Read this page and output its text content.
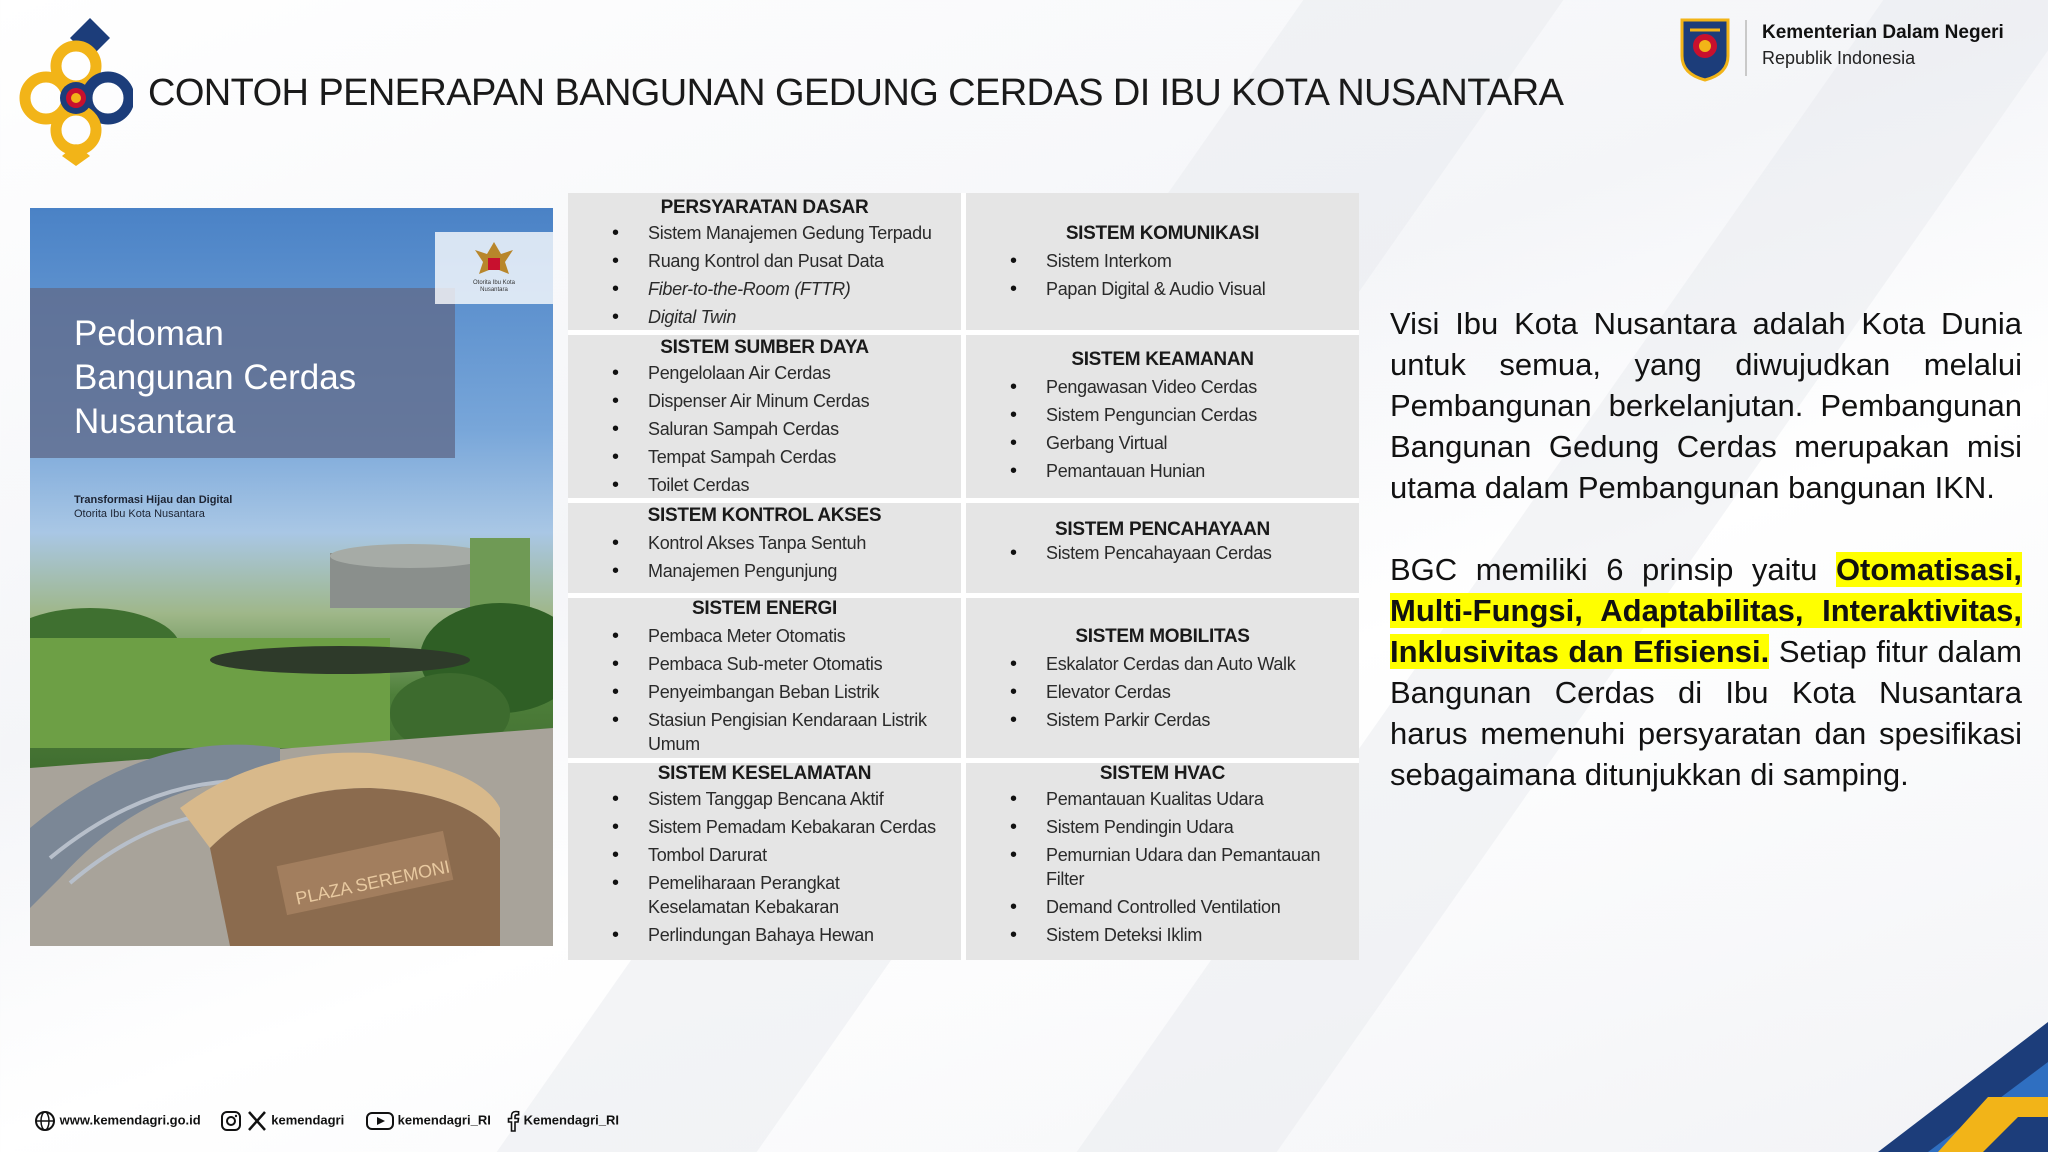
CONTOH PENERAPAN BANGUNAN GEDUNG CERDAS DI IBU KOTA NUSANTARA
Kementerian Dalam Negeri
Republik Indonesia
PLAZA SEREMONI
Pedoman
Bangunan Cerdas
Nusantara
Transformasi Hijau dan Digital
Otorita Ibu Kota Nusantara
Otorita Ibu Kota
Nusantara
PERSYARATAN DASAR
• Sistem Manajemen Gedung Terpadu
• Ruang Kontrol dan Pusat Data
• Fiber-to-the-Room (FTTR)
• Digital Twin
SISTEM KOMUNIKASI
• Sistem Interkom
• Papan Digital & Audio Visual
SISTEM SUMBER DAYA
• Pengelolaan Air Cerdas
• Dispenser Air Minum Cerdas
• Saluran Sampah Cerdas
• Tempat Sampah Cerdas
• Toilet Cerdas
SISTEM KEAMANAN
• Pengawasan Video Cerdas
• Sistem Penguncian Cerdas
• Gerbang Virtual
• Pemantauan Hunian
SISTEM KONTROL AKSES
• Kontrol Akses Tanpa Sentuh
• Manajemen Pengunjung
SISTEM PENCAHAYAAN
• Sistem Pencahayaan Cerdas
SISTEM ENERGI
• Pembaca Meter Otomatis
• Pembaca Sub-meter Otomatis
• Penyeimbangan Beban Listrik
• Stasiun Pengisian Kendaraan Listrik Umum
SISTEM MOBILITAS
• Eskalator Cerdas dan Auto Walk
• Elevator Cerdas
• Sistem Parkir Cerdas
SISTEM KESELAMATAN
• Sistem Tanggap Bencana Aktif
• Sistem Pemadam Kebakaran Cerdas
• Tombol Darurat
• Pemeliharaan Perangkat Keselamatan Kebakaran
• Perlindungan Bahaya Hewan
SISTEM HVAC
• Pemantauan Kualitas Udara
• Sistem Pendingin Udara
• Pemurnian Udara dan Pemantauan Filter
• Demand Controlled Ventilation
• Sistem Deteksi Iklim

Visi Ibu Kota Nusantara adalah Kota Dunia untuk semua, yang diwujudkan melalui Pembangunan berkelanjutan. Pembangunan Bangunan Gedung Cerdas merupakan misi utama dalam Pembangunan bangunan IKN.

BGC memiliki 6 prinsip yaitu Otomatisasi, Multi-Fungsi, Adaptabilitas, Interaktivitas, Inklusivitas dan Efisiensi. Setiap fitur dalam Bangunan Cerdas di Ibu Kota Nusantara harus memenuhi persyaratan dan spesifikasi sebagaimana ditunjukkan di samping.

www.kemendagri.go.id	kemendagri	kemendagri_RI	Kemendagri_RI
